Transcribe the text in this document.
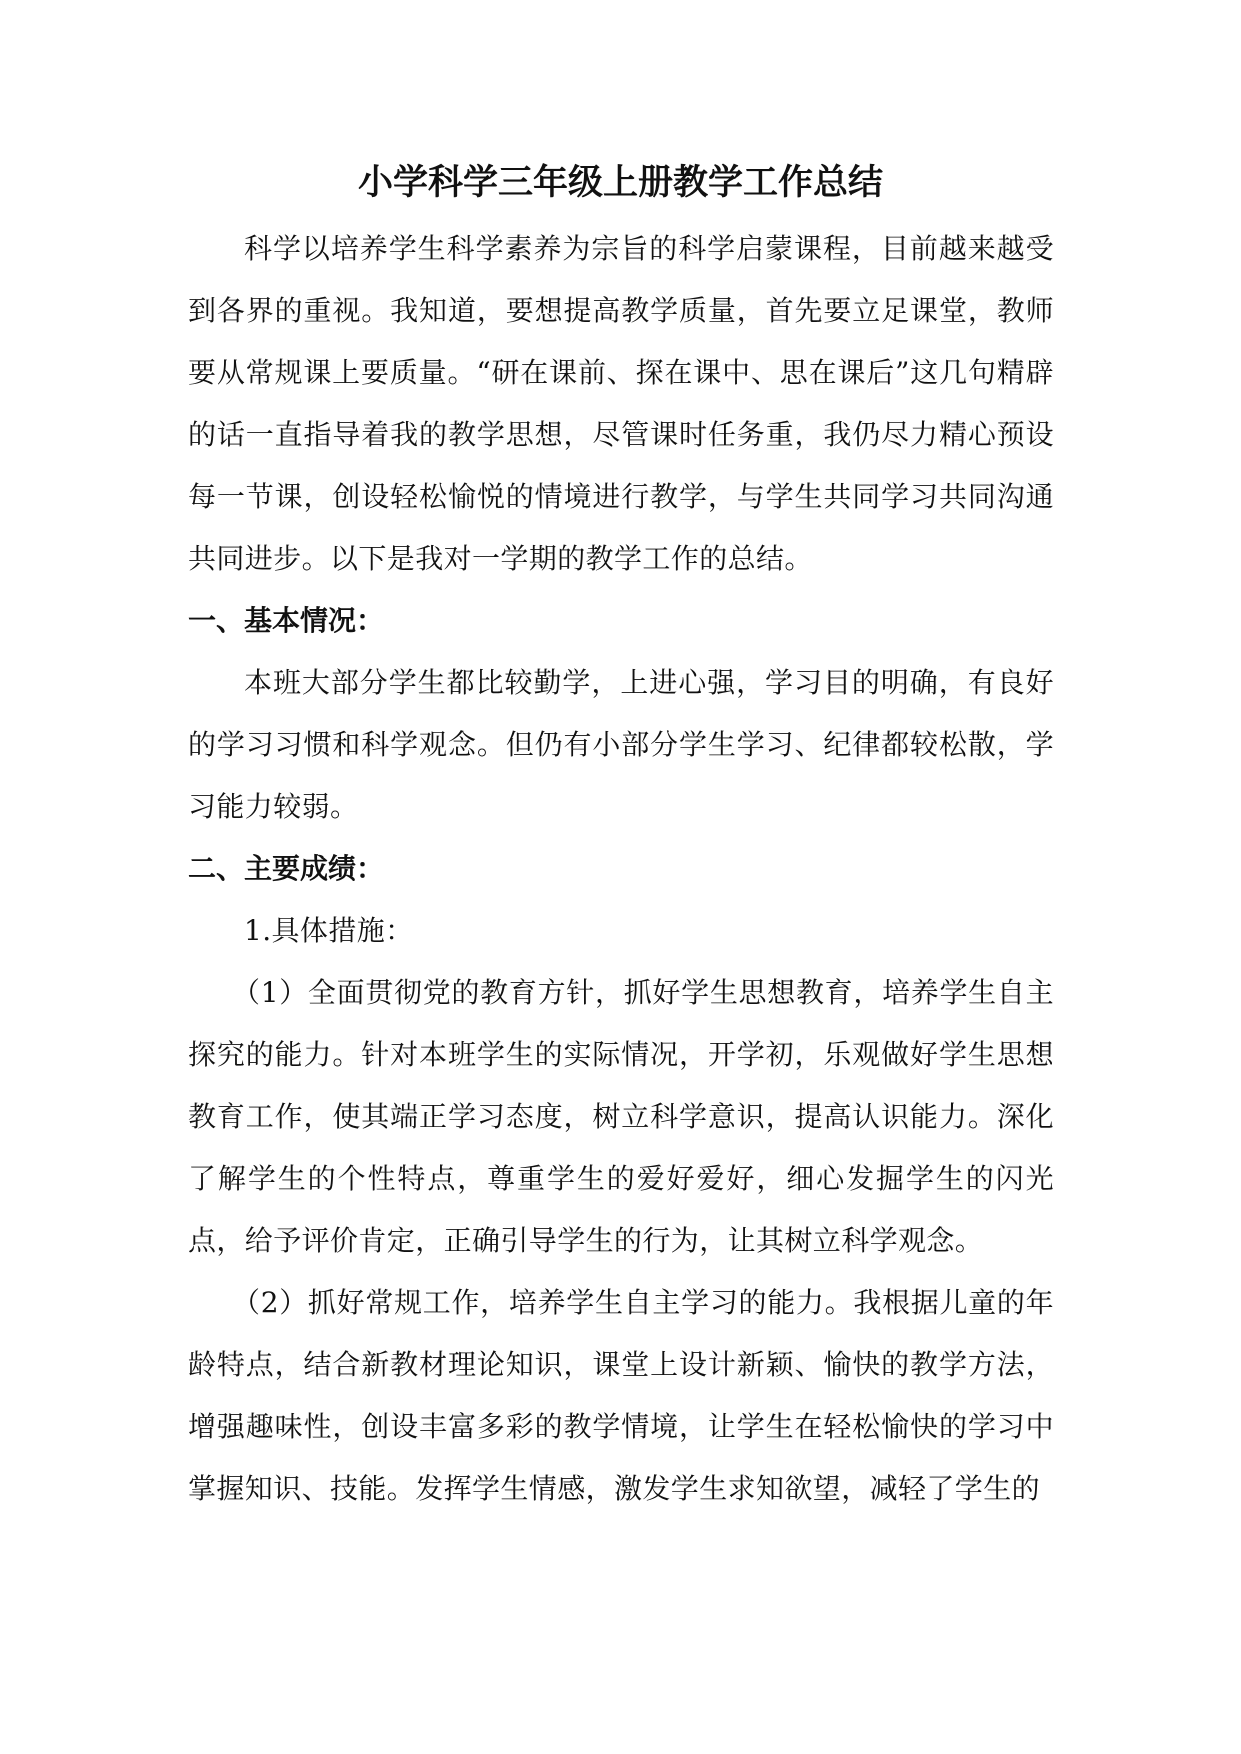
小学科学三年级上册教学工作总结

科学以培养学生科学素养为宗旨的科学启蒙课程，目前越来越受到各界的重视。我知道，要想提高教学质量，首先要立足课堂，教师要从常规课上要质量。“研在课前、探在课中、思在课后”这几句精辟的话一直指导着我的教学思想，尽管课时任务重，我仍尽力精心预设每一节课，创设轻松愉悦的情境进行教学，与学生共同学习共同沟通共同进步。以下是我对一学期的教学工作的总结。

一、基本情况：

本班大部分学生都比较勤学，上进心强，学习目的明确，有良好的学习习惯和科学观念。但仍有小部分学生学习、纪律都较松散，学习能力较弱。

二、主要成绩：

1.具体措施：

（1）全面贯彻党的教育方针，抓好学生思想教育，培养学生自主探究的能力。针对本班学生的实际情况，开学初，乐观做好学生思想教育工作，使其端正学习态度，树立科学意识，提高认识能力。深化了解学生的个性特点，尊重学生的爱好爱好，细心发掘学生的闪光点，给予评价肯定，正确引导学生的行为，让其树立科学观念。

（2）抓好常规工作，培养学生自主学习的能力。我根据儿童的年龄特点，结合新教材理论知识，课堂上设计新颖、愉快的教学方法，增强趣味性，创设丰富多彩的教学情境，让学生在轻松愉快的学习中掌握知识、技能。发挥学生情感，激发学生求知欲望，减轻了学生的
